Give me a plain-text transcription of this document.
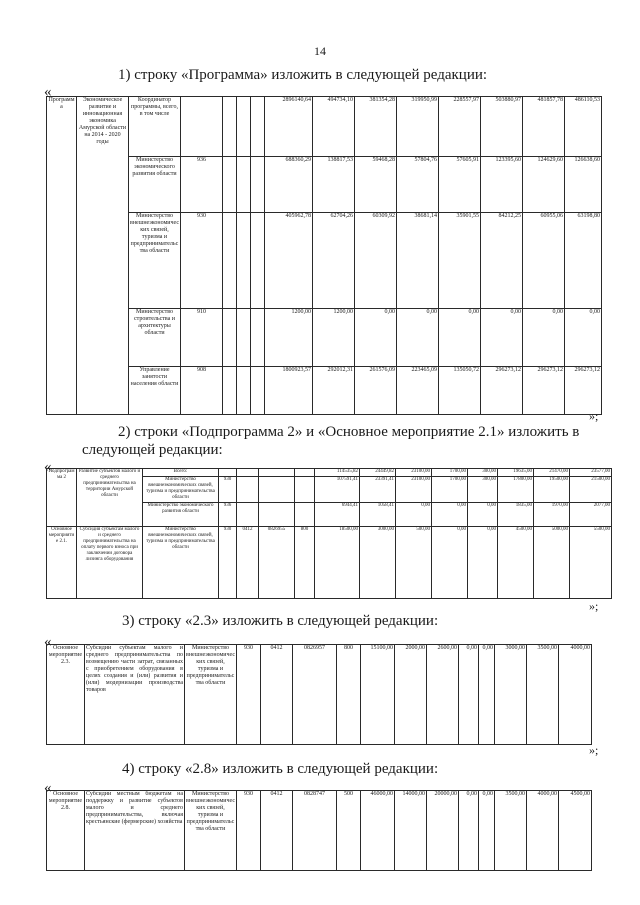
14
1) строку «Программа» изложить в следующей редакции:
«
Программа	Экономическое развитие и инновационная экономика Амурской области на 2014 - 2020 годы	Координатор программы, всего, в том числе					2896140,64	494734,10	381354,28	319950,99	228557,97	503880,97	481857,78	486110,53
		Министерство экономического развития области	936				688360,29	138817,53	59468,28	57804,76	57605,91	123395,60	124629,60	126638,60
		Министерство внешнеэкономических связей, туризма и предпринимательства области	930				405962,78	62704,26	60309,92	38681,14	35901,55	84212,25	60955,06	63198,80
		Министерство строительства и архитектуры области	910				1200,00	1200,00	0,00	0,00	0,00	0,00	0,00	0,00
		Управление занятости населения области	908				1800923,57	292012,31	261576,09	223465,09	135050,72	296273,12	296273,12	296273,12
»;
2) строки «Подпрограмма 2» и «Основное мероприятие 2.1» изложить в
следующей редакции:
«
Подпрограмма 2	Развитие субъектов малого и среднего предпринимательства на территории Амурской области	Всего:					114535,82	24449,82	23100,00	1700,00	300,00	19635,00	21470,00	23577,00
		Министерство внешнеэкономических связей, туризма и предпринимательства области	930				107591,41	23391,41	23100,00	1700,00	300,00	17800,00	19500,00	21500,00
		Министерство экономического развития области	936				6944,41	1058,41	0,00	0,00	0,00	1835,00	1970,00	2077,00
Основное мероприятие 2.1.	Субсидия субъектам малого и среднего предпринимательства на оплату первого взноса при заключении договора лизинга оборудования	Министерство внешнеэкономических связей, туризма и предпринимательства области	930	0412	0826955	800	18500,00	3000,00	500,00	0,00	0,00	4500,00	5000,00	5500,00
»;
3) строку «2.3» изложить в следующей редакции:
« Основное мероприятие 2.3.	Субсидии субъектам малого и среднего предпринимательства по возмещению части затрат, связанных с приобретением оборудования в целях создания и (или) развития и (или) модернизации производства товаров	Министерство внешнеэкономических связей, туризма и предпринимательства области	930	0412	0826957	800	15100,00	2000,00	2600,00	0,00	0,00	3000,00	3500,00	4000,00
»;
4) строку «2.8» изложить в следующей редакции:
« Основное мероприятие 2.8.	Субсидии местным бюджетам на поддержку и развитие субъектов малого и среднего предпринимательства, включая крестьянские (фермерские) хозяйства	Министерство внешнеэкономических связей, туризма и предпринимательства области	930	0412	0828747	500	46000,00	14000,00	20000,00	0,00	0,00	3500,00	4000,00	4500,00
